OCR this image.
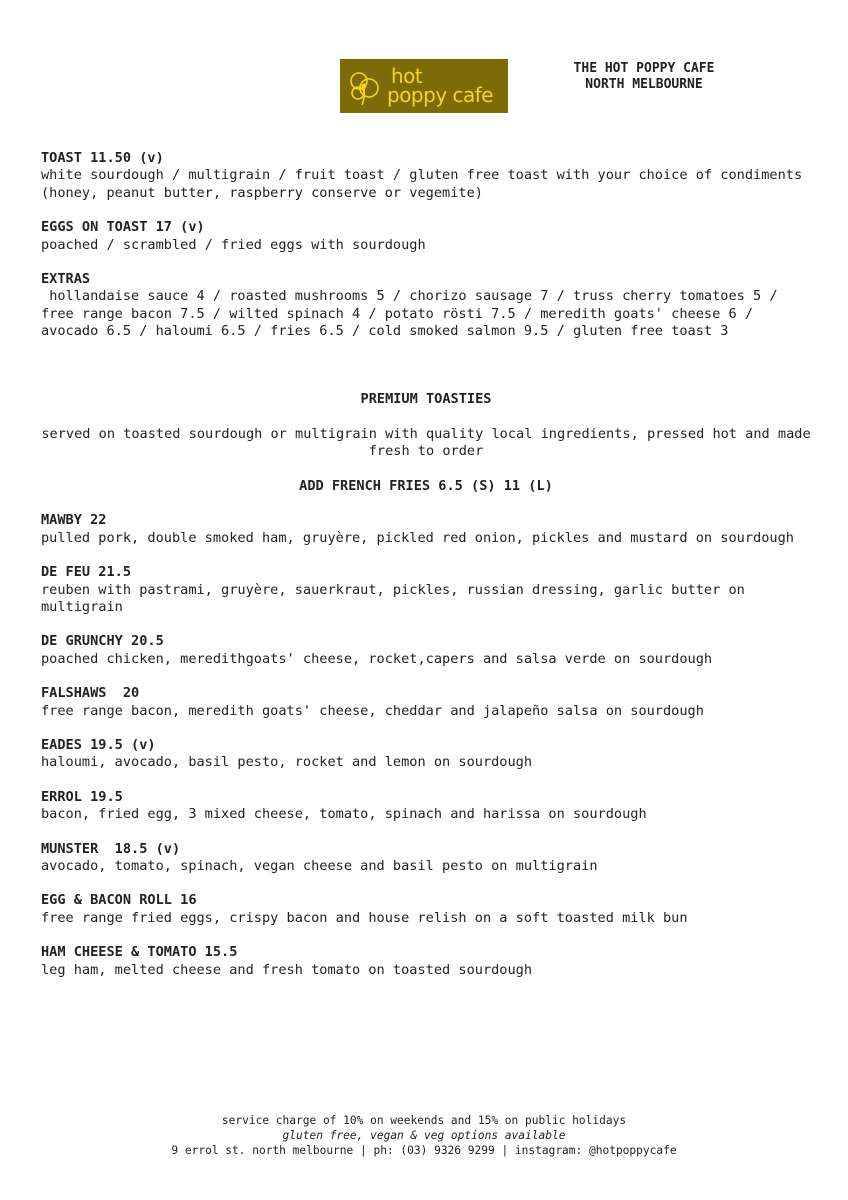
hot
poppy cafe
THE HOT POPPY CAFE
NORTH MELBOURNE
TOAST 11.50 (v)
white sourdough / multigrain / fruit toast / gluten free toast with your choice of condiments (honey, peanut butter, raspberry conserve or vegemite)
EGGS ON TOAST 17 (v)
poached / scrambled / fried eggs with sourdough
EXTRAS
hollandaise sauce 4 / roasted mushrooms 5 / chorizo sausage 7 / truss cherry tomatoes 5 / free range bacon 7.5 / wilted spinach 4 / potato rösti 7.5 / meredith goats' cheese 6 / avocado 6.5 / haloumi 6.5 / fries 6.5 / cold smoked salmon 9.5 / gluten free toast 3
PREMIUM TOASTIES
served on toasted sourdough or multigrain with quality local ingredients, pressed hot and made fresh to order
ADD FRENCH FRIES 6.5 (S) 11 (L)
MAWBY 22
pulled pork, double smoked ham, gruyère, pickled red onion, pickles and mustard on sourdough
DE FEU 21.5
reuben with pastrami, gruyère, sauerkraut, pickles, russian dressing, garlic butter on multigrain
DE GRUNCHY 20.5
poached chicken, meredithgoats' cheese, rocket,capers and salsa verde on sourdough
FALSHAWS  20
free range bacon, meredith goats' cheese, cheddar and jalapeño salsa on sourdough
EADES 19.5 (v)
haloumi, avocado, basil pesto, rocket and lemon on sourdough
ERROL 19.5
bacon, fried egg, 3 mixed cheese, tomato, spinach and harissa on sourdough
MUNSTER  18.5 (v)
avocado, tomato, spinach, vegan cheese and basil pesto on multigrain
EGG & BACON ROLL 16
free range fried eggs, crispy bacon and house relish on a soft toasted milk bun
HAM CHEESE & TOMATO 15.5
leg ham, melted cheese and fresh tomato on toasted sourdough
service charge of 10% on weekends and 15% on public holidays
gluten free, vegan & veg options available
9 errol st. north melbourne | ph: (03) 9326 9299 | instagram: @hotpoppycafe
